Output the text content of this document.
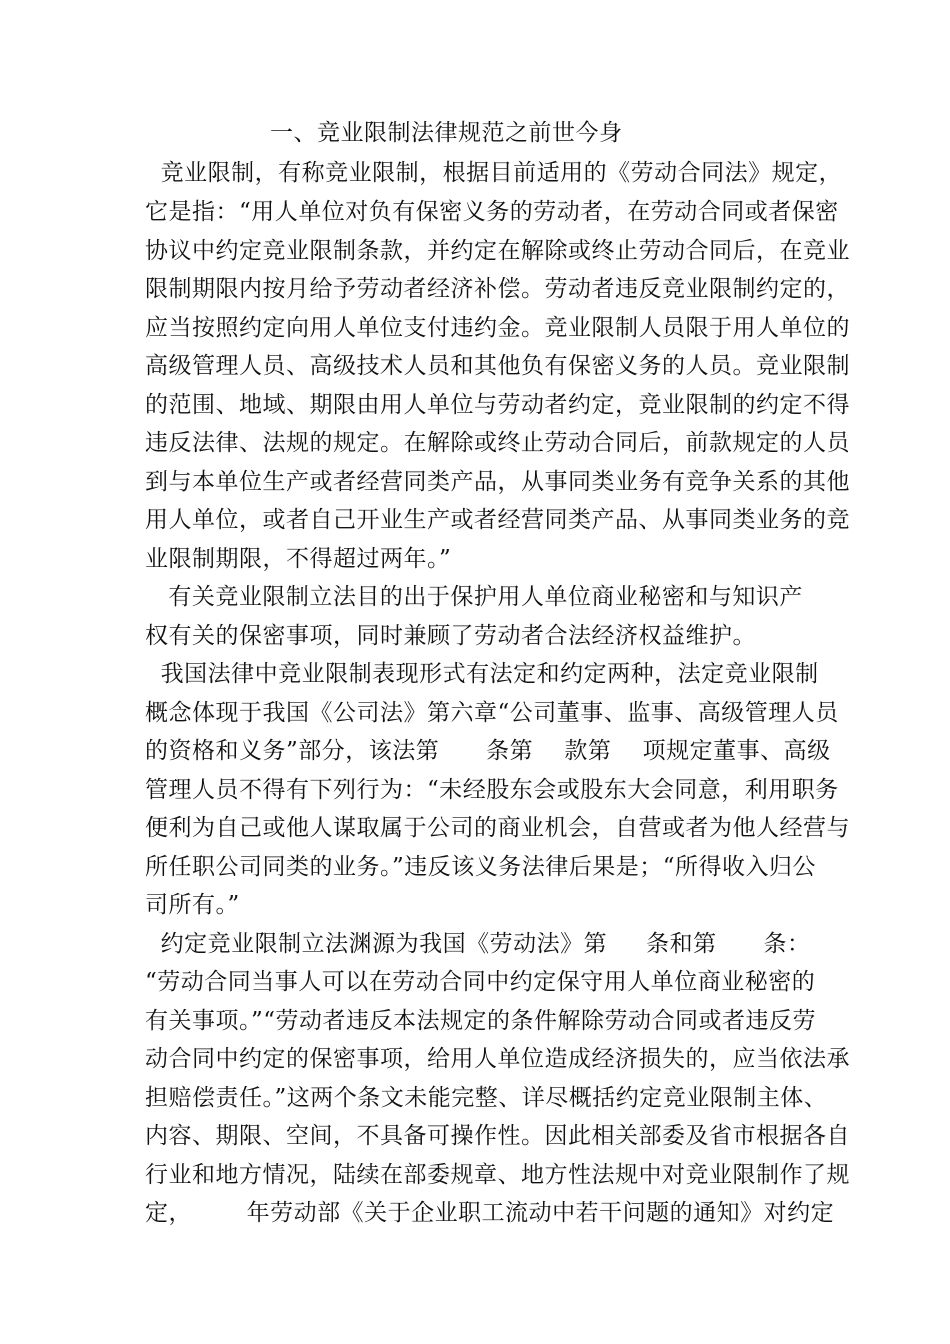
一、竞业限制法律规范之前世今身
竞业限制，有称竞业限制，根据目前适用的《劳动合同法》规定，
它是指：“用人单位对负有保密义务的劳动者，在劳动合同或者保密
协议中约定竞业限制条款，并约定在解除或终止劳动合同后，在竞业
限制期限内按月给予劳动者经济补偿。劳动者违反竞业限制约定的，
应当按照约定向用人单位支付违约金。竞业限制人员限于用人单位的
高级管理人员、高级技术人员和其他负有保密义务的人员。竞业限制
的范围、地域、期限由用人单位与劳动者约定，竞业限制的约定不得
违反法律、法规的规定。在解除或终止劳动合同后，前款规定的人员
到与本单位生产或者经营同类产品，从事同类业务有竞争关系的其他
用人单位，或者自己开业生产或者经营同类产品、从事同类业务的竞
业限制期限，不得超过两年。”
有关竞业限制立法目的出于保护用人单位商业秘密和与知识产
权有关的保密事项，同时兼顾了劳动者合法经济权益维护。
我国法律中竞业限制表现形式有法定和约定两种，法定竞业限制
概念体现于我国《公司法》第六章“公司董事、监事、高级管理人员
的资格和义务”部分，该法第      条第    款第    项规定董事、高级
管理人员不得有下列行为：“未经股东会或股东大会同意，利用职务
便利为自己或他人谋取属于公司的商业机会，自营或者为他人经营与
所任职公司同类的业务。”违反该义务法律后果是；“所得收入归公
司所有。”
约定竞业限制立法渊源为我国《劳动法》第     条和第      条：
“劳动合同当事人可以在劳动合同中约定保守用人单位商业秘密的
有关事项。”“劳动者违反本法规定的条件解除劳动合同或者违反劳
动合同中约定的保密事项，给用人单位造成经济损失的，应当依法承
担赔偿责任。”这两个条文未能完整、详尽概括约定竞业限制主体、
内容、期限、空间，不具备可操作性。因此相关部委及省市根据各自
行业和地方情况，陆续在部委规章、地方性法规中对竞业限制作了规
定，       年劳动部《关于企业职工流动中若干问题的通知》对约定
